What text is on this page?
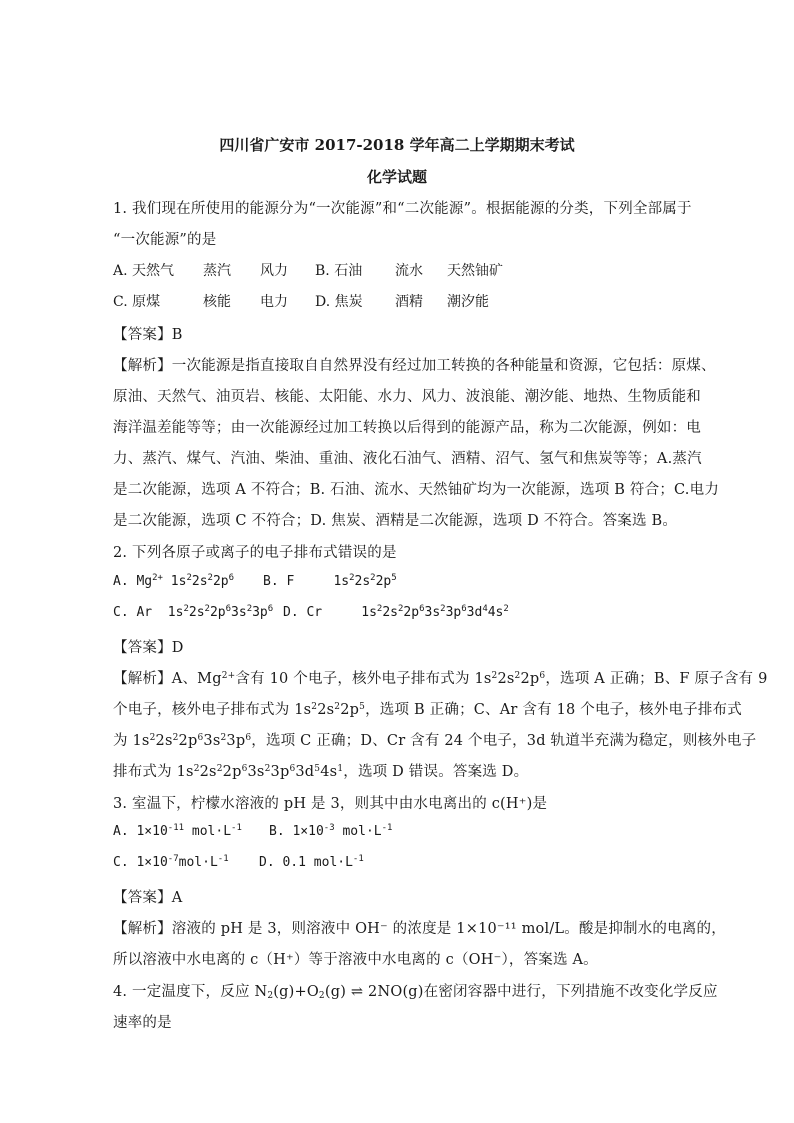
四川省广安市 2017-2018 学年高二上学期期末考试
化学试题
1. 我们现在所使用的能源分为“一次能源”和“二次能源”。根据能源的分类，下列全部属于
“一次能源”的是
A. 天然气 蒸汽 风力 B. 石油 流水 天然铀矿
C. 原煤	核能 电力 D. 焦炭 酒精 潮汐能
【答案】B
【解析】一次能源是指直接取自自然界没有经过加工转换的各种能量和资源，它包括：原煤、
原油、天然气、油页岩、核能、太阳能、水力、风力、波浪能、潮汐能、地热、生物质能和
海洋温差能等等；由一次能源经过加工转换以后得到的能源产品，称为二次能源，例如：电
力、蒸汽、煤气、汽油、柴油、重油、液化石油气、酒精、沼气、氢气和焦炭等等；A.蒸汽
是二次能源，选项 A 不符合；B. 石油、流水、天然铀矿均为一次能源，选项 B 符合；C.电力
是二次能源，选项 C 不符合；D. 焦炭、酒精是二次能源，选项 D 不符合。答案选 B。
2. 下列各原子或离子的电子排布式错误的是
A. $Mg^{2+}$ $1s^22s^22p^6$ B. F     $1s^22s^22p^5$
C. Ar  $1s^22s^22p^63s^23p^6$ D. Cr     $1s^22s^22p^63s^23p^63d^44s^2$
【答案】D
【解析】A、$Mg^{2+}$含有 10 个电子，核外电子排布式为 $1s^22s^22p^6$，选项 A 正确；B、F 原子含有 9
个电子，核外电子排布式为 $1s^22s^22p^5$，选项 B 正确；C、Ar 含有 18 个电子，核外电子排布式
为 $1s^22s^22p^63s^23p^6$，选项 C 正确；D、Cr 含有 24 个电子，3d 轨道半充满为稳定，则核外电子
排布式为 $1s^22s^22p^63s^23p^63d^54s^1$，选项 D 错误。答案选 D。
3. 室温下，柠檬水溶液的 pH 是 3，则其中由水电离出的 c(H⁺)是
A. $1\times 10^{-11}$ $mol\cdot L^{-1}$ B. $1\times 10^{-3}$ $mol\cdot L^{-1}$
C. $1\times 10^{-7}mol\cdot L^{-1}$ D. 0.1 $mol\cdot L^{-1}$
【答案】A
【解析】溶液的 pH 是 3，则溶液中 OH⁻ 的浓度是 1×10⁻¹¹ mol/L。酸是抑制水的电离的，
所以溶液中水电离的 c（H⁺）等于溶液中水电离的 c（OH⁻），答案选 A。
4. 一定温度下，反应 $N_2(g)+O_2(g)$ ⇌ 2NO(g)在密闭容器中进行，下列措施不改变化学反应
速率的是
